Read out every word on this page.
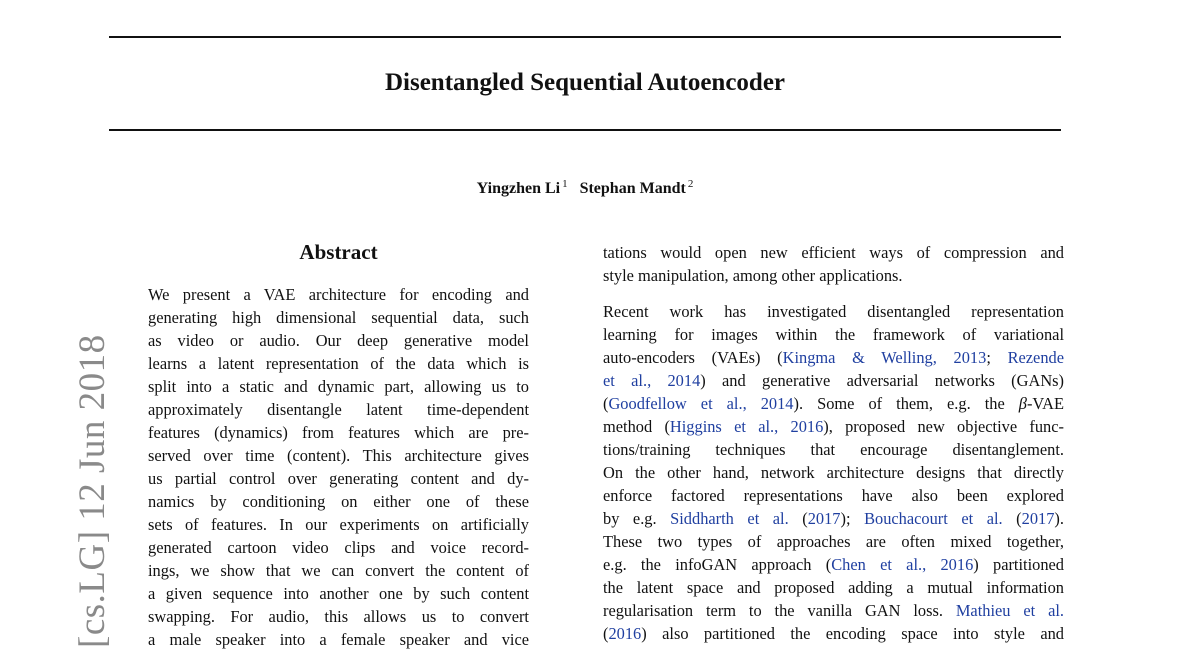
Disentangled Sequential Autoencoder
Yingzhen Li $^1$ Stephan Mandt $^2$
[cs.LG] 12 Jun 2018
Abstract
We present a VAE architecture for encoding and
generating high dimensional sequential data, such
as video or audio. Our deep generative model
learns a latent representation of the data which is
split into a static and dynamic part, allowing us to
approximately disentangle latent time-dependent
features (dynamics) from features which are pre-
served over time (content). This architecture gives
us partial control over generating content and dy-
namics by conditioning on either one of these
sets of features. In our experiments on artificially
generated cartoon video clips and voice record-
ings, we show that we can convert the content of
a given sequence into another one by such content
swapping. For audio, this allows us to convert
a male speaker into a female speaker and vice
tations would open new efficient ways of compression and
style manipulation, among other applications.
Recent work has investigated disentangled representation
learning for images within the framework of variational
auto-encoders (VAEs) (Kingma & Welling, 2013; Rezende
et al., 2014) and generative adversarial networks (GANs)
(Goodfellow et al., 2014). Some of them, e.g. the β-VAE
method (Higgins et al., 2016), proposed new objective func-
tions/training techniques that encourage disentanglement.
On the other hand, network architecture designs that directly
enforce factored representations have also been explored
by e.g. Siddharth et al. (2017); Bouchacourt et al. (2017).
These two types of approaches are often mixed together,
e.g. the infoGAN approach (Chen et al., 2016) partitioned
the latent space and proposed adding a mutual information
regularisation term to the vanilla GAN loss. Mathieu et al.
(2016) also partitioned the encoding space into style and
